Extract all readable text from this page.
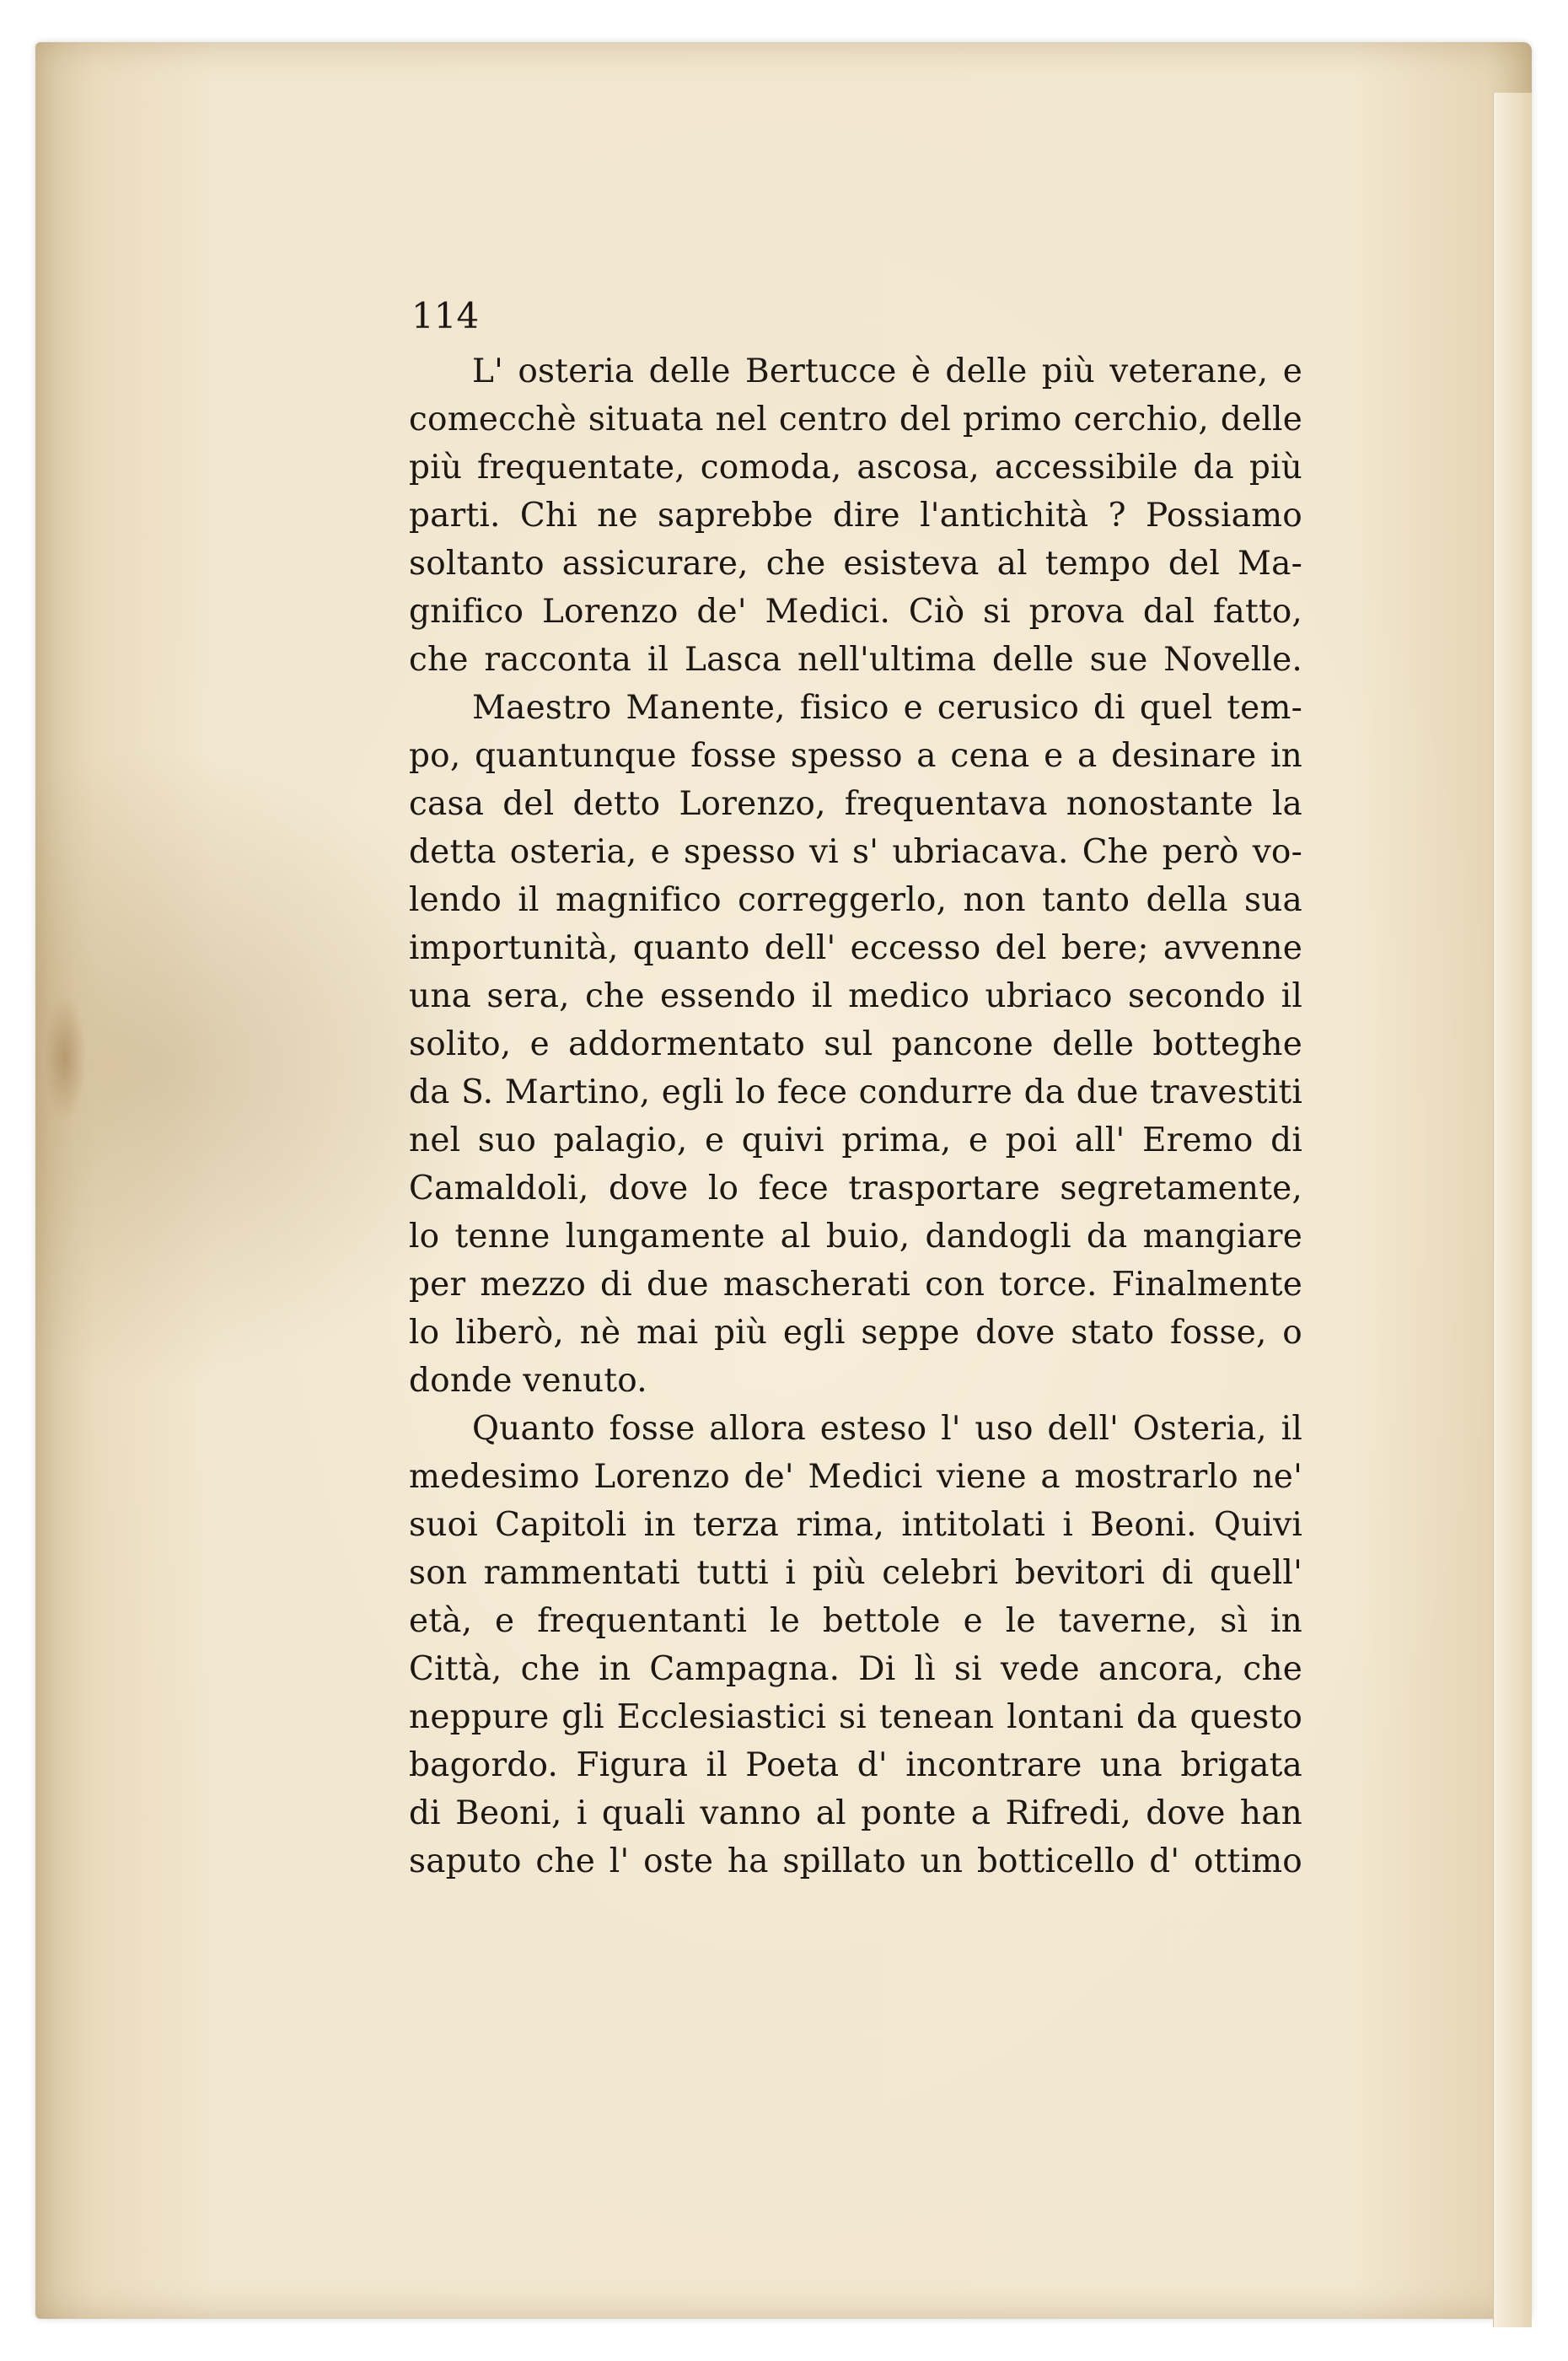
114
L' osteria delle Bertucce è delle più veterane, e
comecchè situata nel centro del primo cerchio, delle
più frequentate, comoda, ascosa, accessibile da più
parti. Chi ne saprebbe dire l'antichità ? Possiamo
soltanto assicurare, che esisteva al tempo del Ma-
gnifico Lorenzo de' Medici. Ciò si prova dal fatto,
che racconta il Lasca nell'ultima delle sue Novelle.
Maestro Manente, fisico e cerusico di quel tem-
po, quantunque fosse spesso a cena e a desinare in
casa del detto Lorenzo, frequentava nonostante la
detta osteria, e spesso vi s' ubriacava. Che però vo-
lendo il magnifico correggerlo, non tanto della sua
importunità, quanto dell' eccesso del bere; avvenne
una sera, che essendo il medico ubriaco secondo il
solito, e addormentato sul pancone delle botteghe
da S. Martino, egli lo fece condurre da due travestiti
nel suo palagio, e quivi prima, e poi all' Eremo di
Camaldoli, dove lo fece trasportare segretamente,
lo tenne lungamente al buio, dandogli da mangiare
per mezzo di due mascherati con torce. Finalmente
lo liberò, nè mai più egli seppe dove stato fosse, o
donde venuto.
Quanto fosse allora esteso l' uso dell' Osteria, il
medesimo Lorenzo de' Medici viene a mostrarlo ne'
suoi Capitoli in terza rima, intitolati i Beoni. Quivi
son rammentati tutti i più celebri bevitori di quell'
età, e frequentanti le bettole e le taverne, sì in
Città, che in Campagna. Di lì si vede ancora, che
neppure gli Ecclesiastici si tenean lontani da questo
bagordo. Figura il Poeta d' incontrare una brigata
di Beoni, i quali vanno al ponte a Rifredi, dove han
saputo che l' oste ha spillato un botticello d' ottimo
